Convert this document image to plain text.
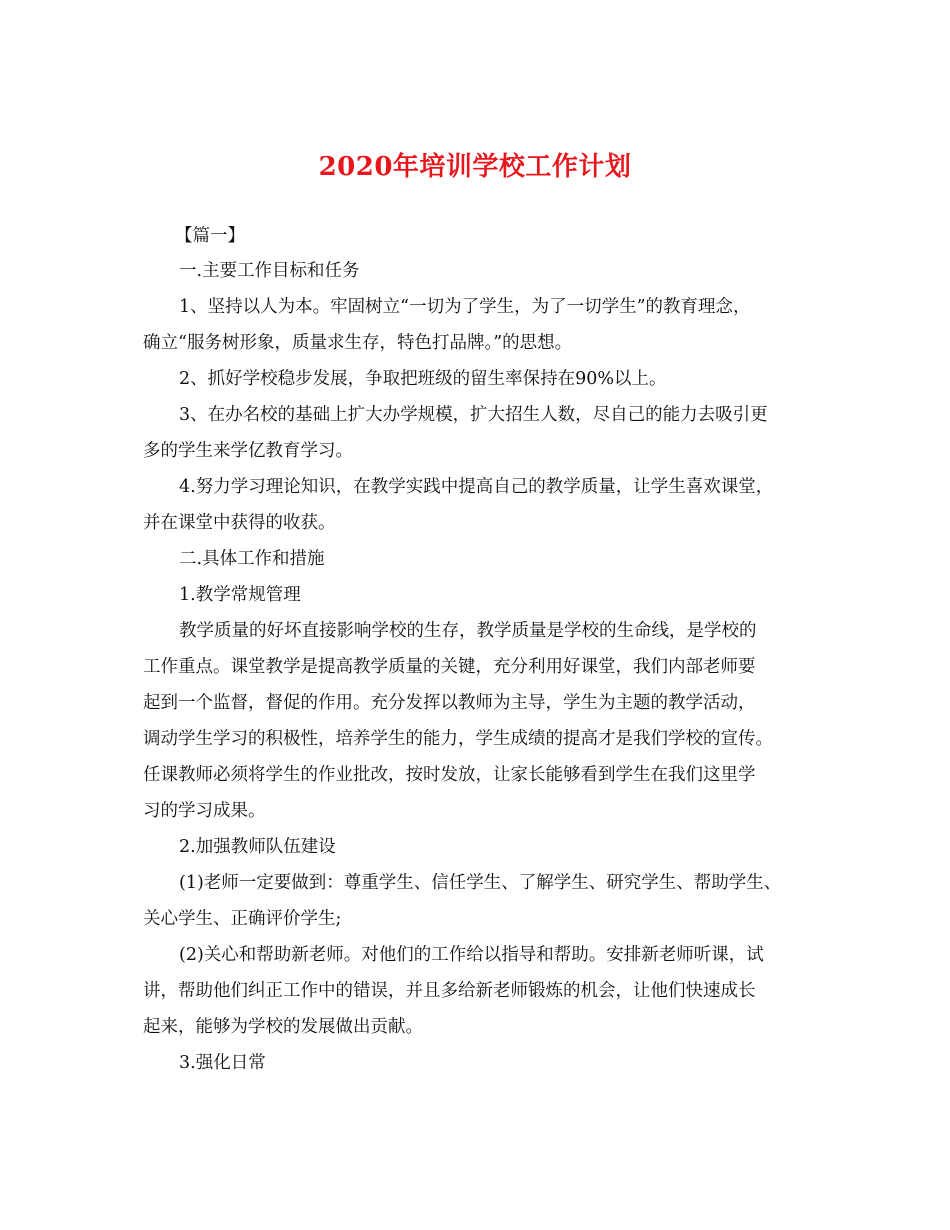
2020年培训学校工作计划
【篇一】
一.主要工作目标和任务
1、坚持以人为本。牢固树立“一切为了学生，为了一切学生”的教育理念，
确立“服务树形象，质量求生存，特色打品牌。”的思想。
2、抓好学校稳步发展，争取把班级的留生率保持在90%以上。
3、在办名校的基础上扩大办学规模，扩大招生人数，尽自己的能力去吸引更
多的学生来学亿教育学习。
4.努力学习理论知识，在教学实践中提高自己的教学质量，让学生喜欢课堂，
并在课堂中获得的收获。
二.具体工作和措施
1.教学常规管理
教学质量的好坏直接影响学校的生存，教学质量是学校的生命线，是学校的
工作重点。课堂教学是提高教学质量的关键，充分利用好课堂，我们内部老师要
起到一个监督，督促的作用。充分发挥以教师为主导，学生为主题的教学活动，
调动学生学习的积极性，培养学生的能力，学生成绩的提高才是我们学校的宣传。
任课教师必须将学生的作业批改，按时发放，让家长能够看到学生在我们这里学
习的学习成果。
2.加强教师队伍建设
(1)老师一定要做到：尊重学生、信任学生、了解学生、研究学生、帮助学生、
关心学生、正确评价学生;
(2)关心和帮助新老师。对他们的工作给以指导和帮助。安排新老师听课，试
讲，帮助他们纠正工作中的错误，并且多给新老师锻炼的机会，让他们快速成长
起来，能够为学校的发展做出贡献。
3.强化日常
